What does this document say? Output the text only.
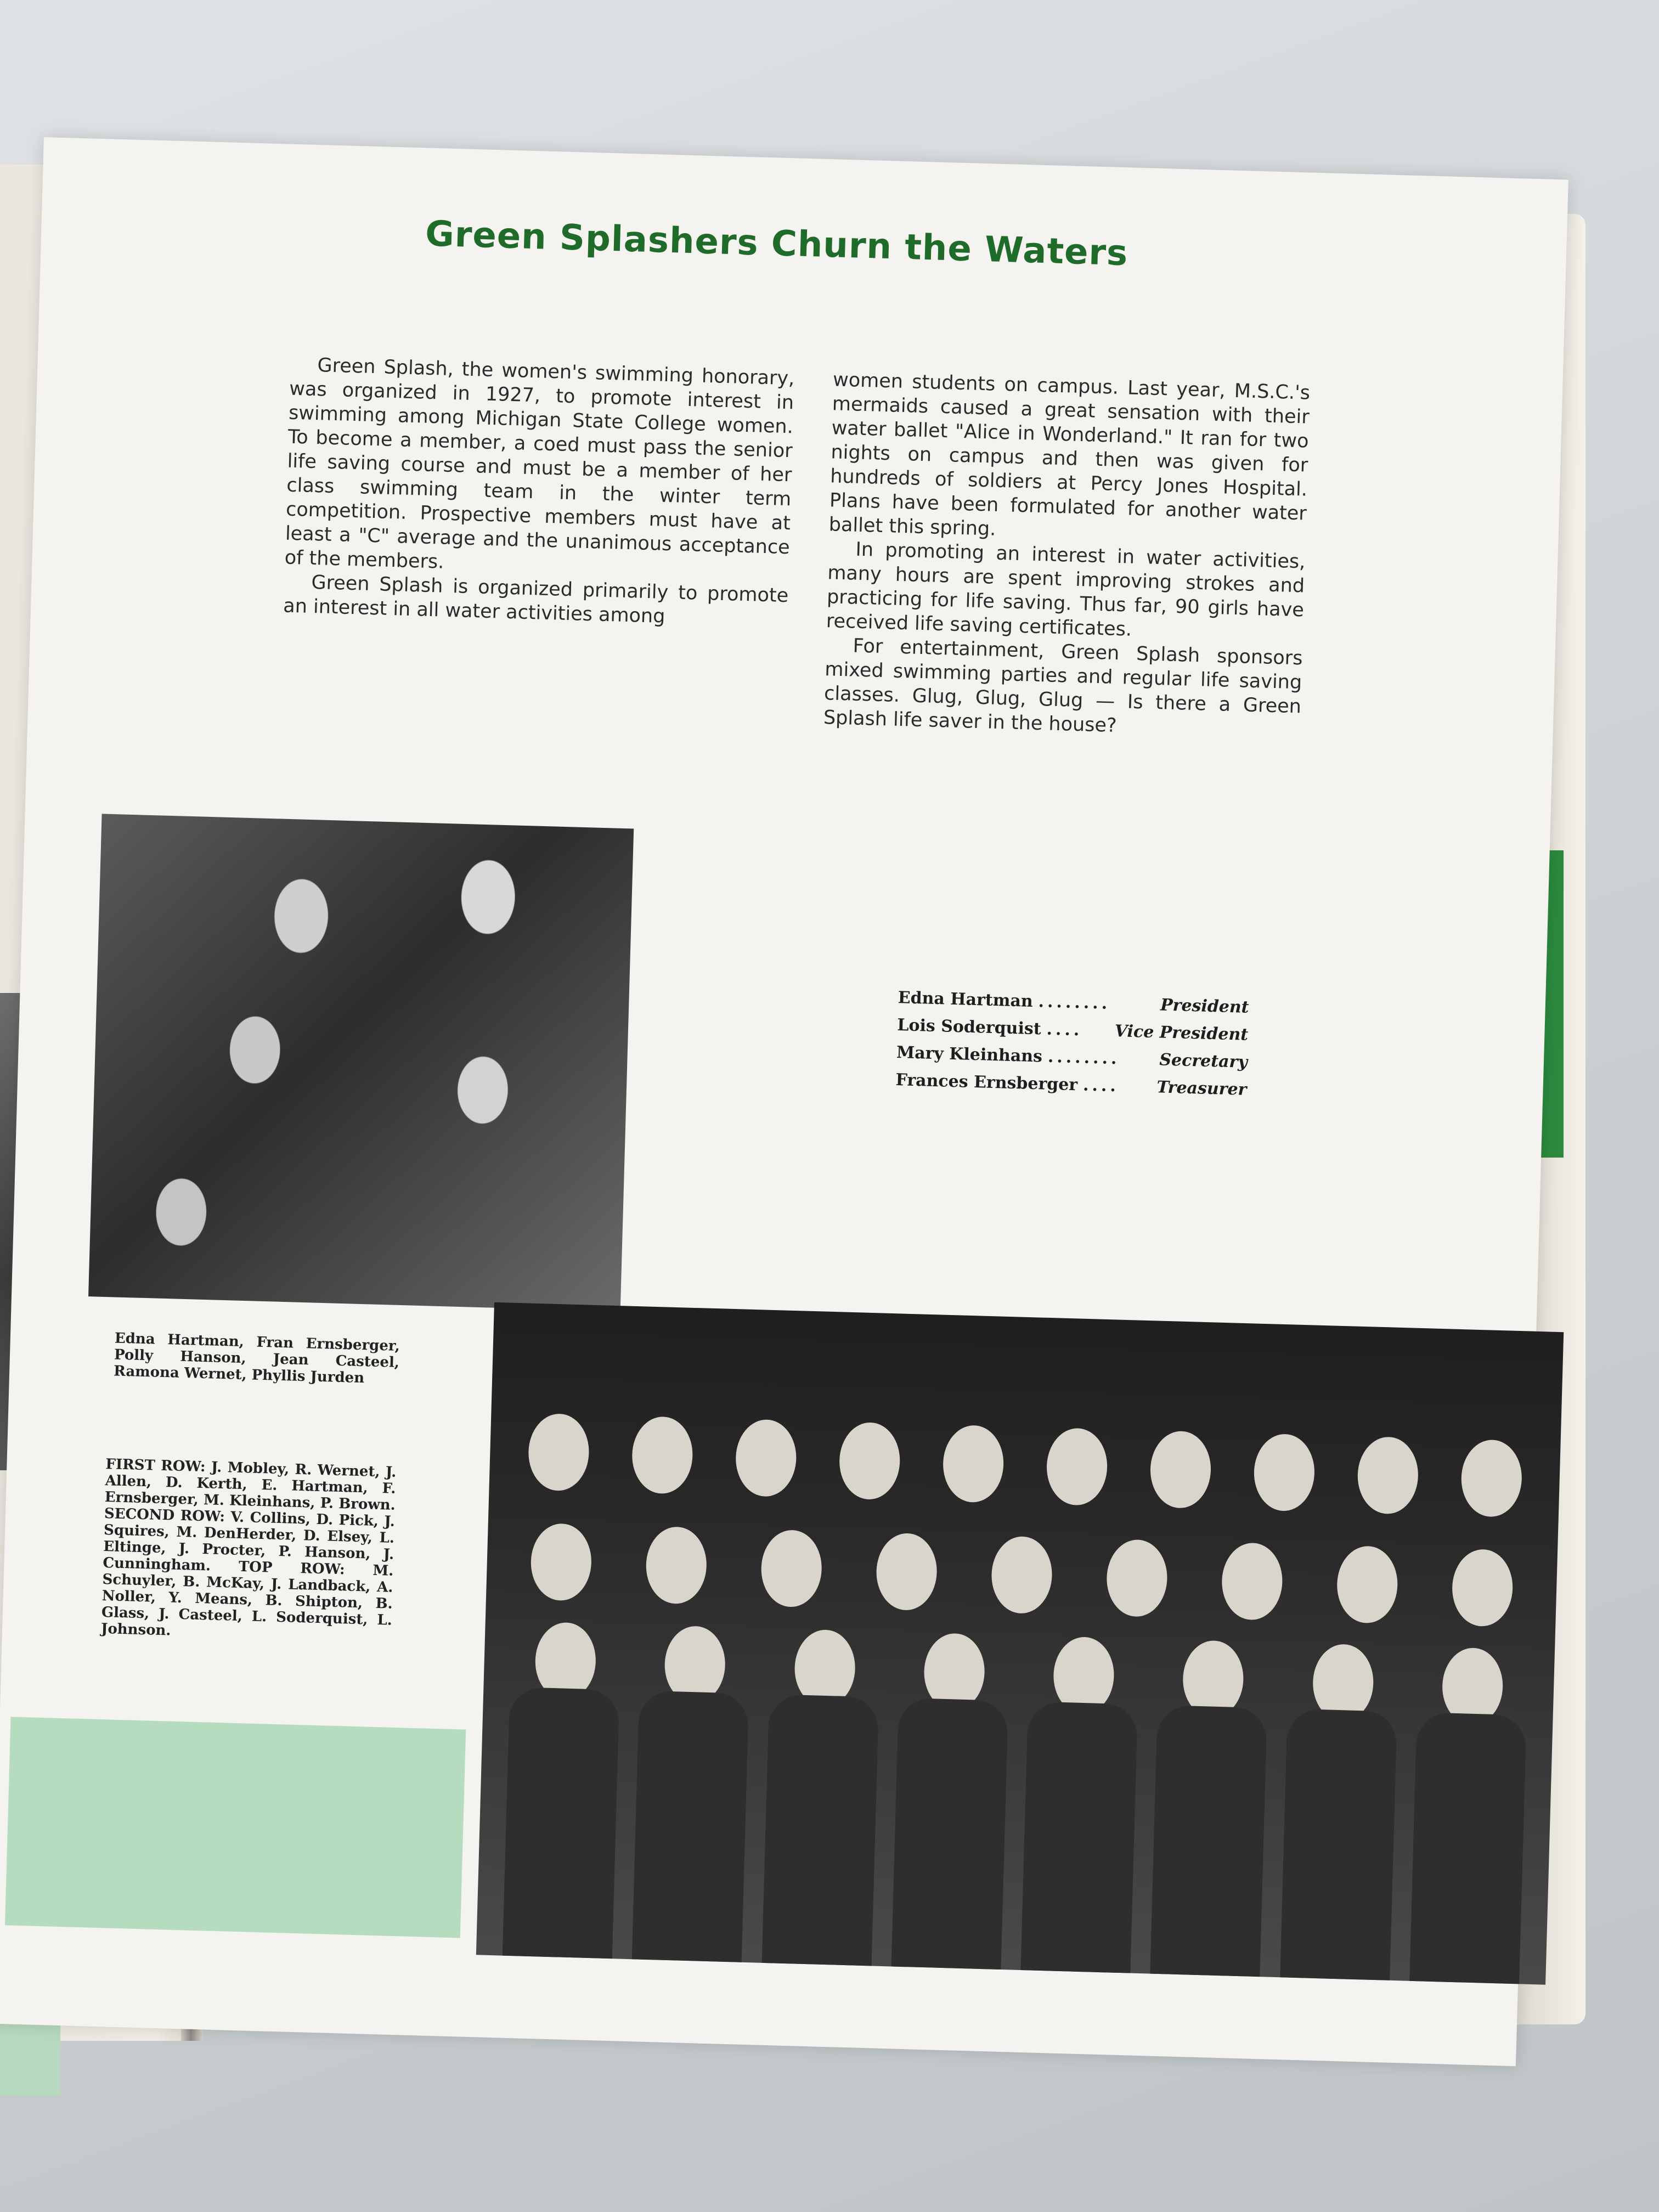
Green Splashers Churn the Waters

Green Splash, the women's swimming honorary, was organized in 1927, to promote interest in swimming among Michigan State College women. To become a member, a coed must pass the senior life saving course and must be a member of her class swimming team in the winter term competition. Prospective members must have at least a "C" average and the unanimous acceptance of the members.

Green Splash is organized primarily to promote an interest in all water activities among

women students on campus. Last year, M.S.C.'s mermaids caused a great sensation with their water ballet "Alice in Wonderland." It ran for two nights on campus and then was given for hundreds of soldiers at Percy Jones Hospital. Plans have been formulated for another water ballet this spring.

In promoting an interest in water activities, many hours are spent improving strokes and practicing for life saving. Thus far, 90 girls have received life saving certificates.

For entertainment, Green Splash sponsors mixed swimming parties and regular life saving classes. Glug, Glug, Glug — Is there a Green Splash life saver in the house?

Edna Hartman ........	President
Lois Soderquist ....	Vice President
Mary Kleinhans ........	Secretary
Frances Ernsberger ....	Treasurer
Edna Hartman, Fran Ernsberger, Polly Hanson, Jean Casteel, Ramona Wernet, Phyllis Jurden
FIRST ROW: J. Mobley, R. Wernet, J. Allen, D. Kerth, E. Hartman, F. Ernsberger, M. Kleinhans, P. Brown. SECOND ROW: V. Collins, D. Pick, J. Squires, M. DenHerder, D. Elsey, L. Eltinge, J. Procter, P. Hanson, J. Cunningham. TOP ROW: M. Schuyler, B. McKay, J. Landback, A. Noller, Y. Means, B. Shipton, B. Glass, J. Casteel, L. Soderquist, L. Johnson.
